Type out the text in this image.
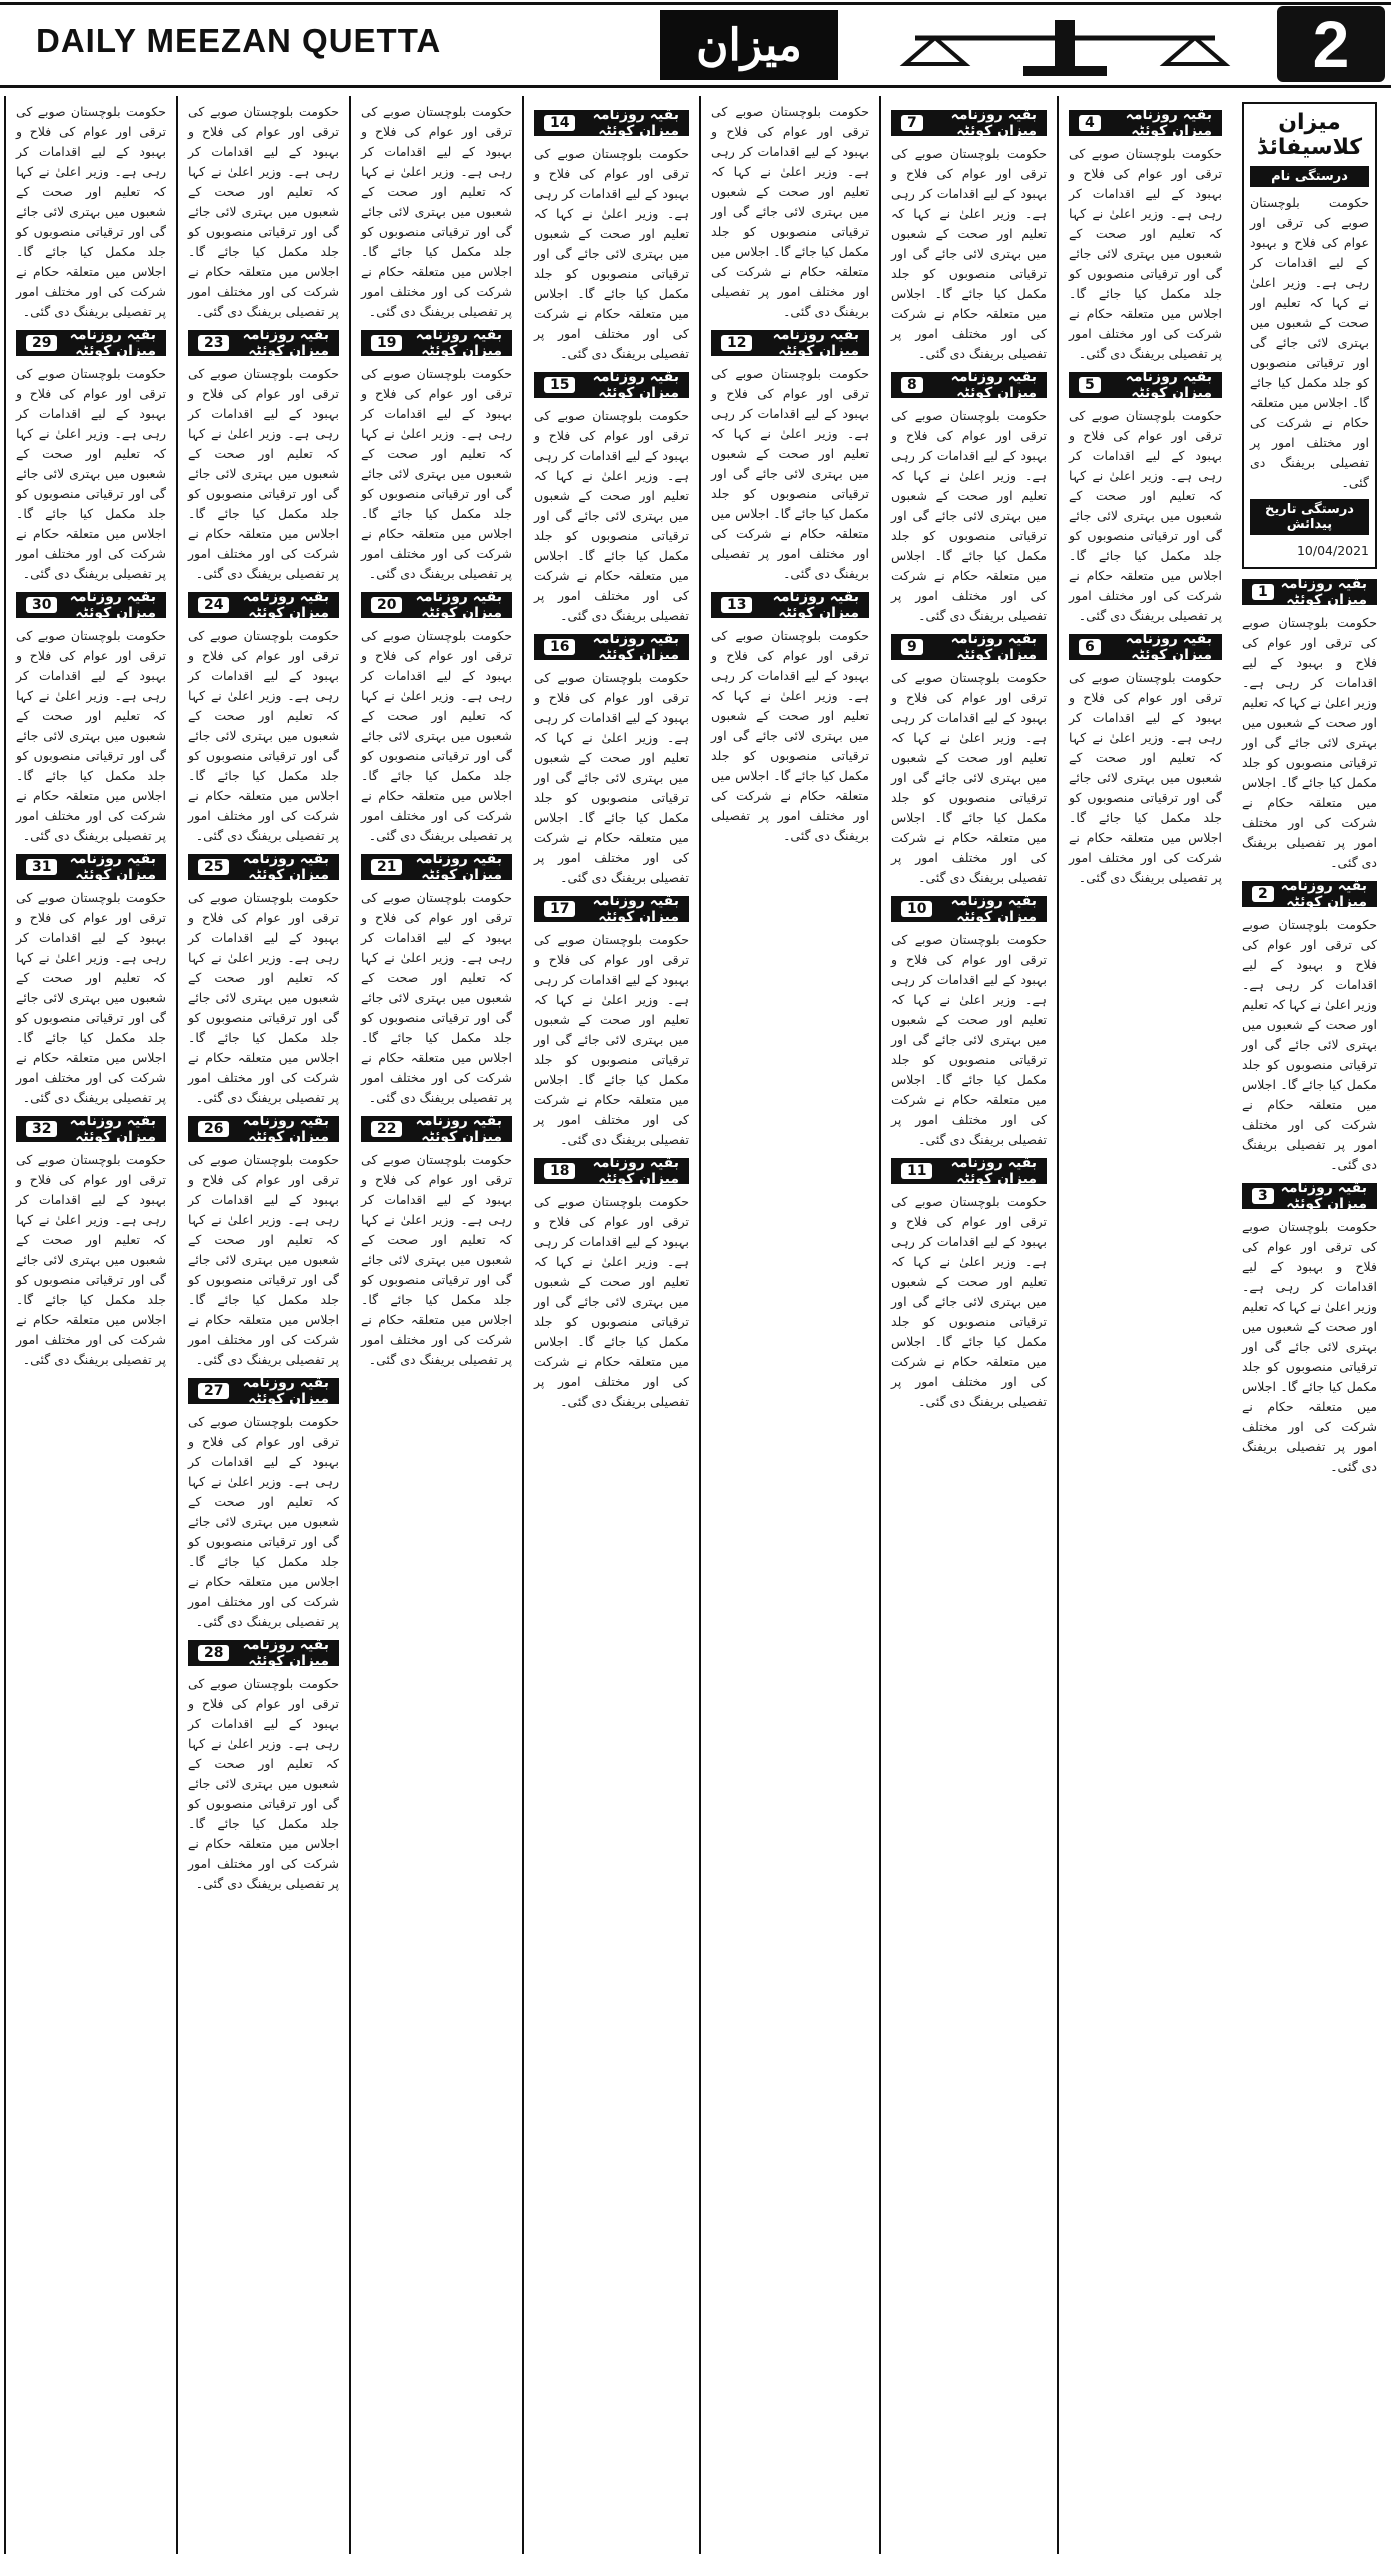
DAILY MEEZAN QUETTA	میزان	2
میزان کلاسیفائڈ
درستگی نام
حکومت بلوچستان صوبے کی ترقی اور عوام کی فلاح و بہبود کے لیے اقدامات کر رہی ہے۔ وزیر اعلیٰ نے کہا کہ تعلیم اور صحت کے شعبوں میں بہتری لائی جائے گی اور ترقیاتی منصوبوں کو جلد مکمل کیا جائے گا۔ اجلاس میں متعلقہ حکام نے شرکت کی اور مختلف امور پر تفصیلی بریفنگ دی گئی۔
درستگی تاریخ پیدائش
10/04/2021
بقیہ روزنامہ میزان کوئٹہ
1
حکومت بلوچستان صوبے کی ترقی اور عوام کی فلاح و بہبود کے لیے اقدامات کر رہی ہے۔ وزیر اعلیٰ نے کہا کہ تعلیم اور صحت کے شعبوں میں بہتری لائی جائے گی اور ترقیاتی منصوبوں کو جلد مکمل کیا جائے گا۔ اجلاس میں متعلقہ حکام نے شرکت کی اور مختلف امور پر تفصیلی بریفنگ دی گئی۔
بقیہ روزنامہ میزان کوئٹہ
2
حکومت بلوچستان صوبے کی ترقی اور عوام کی فلاح و بہبود کے لیے اقدامات کر رہی ہے۔ وزیر اعلیٰ نے کہا کہ تعلیم اور صحت کے شعبوں میں بہتری لائی جائے گی اور ترقیاتی منصوبوں کو جلد مکمل کیا جائے گا۔ اجلاس میں متعلقہ حکام نے شرکت کی اور مختلف امور پر تفصیلی بریفنگ دی گئی۔
بقیہ روزنامہ میزان کوئٹہ
3
حکومت بلوچستان صوبے کی ترقی اور عوام کی فلاح و بہبود کے لیے اقدامات کر رہی ہے۔ وزیر اعلیٰ نے کہا کہ تعلیم اور صحت کے شعبوں میں بہتری لائی جائے گی اور ترقیاتی منصوبوں کو جلد مکمل کیا جائے گا۔ اجلاس میں متعلقہ حکام نے شرکت کی اور مختلف امور پر تفصیلی بریفنگ دی گئی۔
بقیہ روزنامہ میزان کوئٹہ
4
حکومت بلوچستان صوبے کی ترقی اور عوام کی فلاح و بہبود کے لیے اقدامات کر رہی ہے۔ وزیر اعلیٰ نے کہا کہ تعلیم اور صحت کے شعبوں میں بہتری لائی جائے گی اور ترقیاتی منصوبوں کو جلد مکمل کیا جائے گا۔ اجلاس میں متعلقہ حکام نے شرکت کی اور مختلف امور پر تفصیلی بریفنگ دی گئی۔
بقیہ روزنامہ میزان کوئٹہ
5
حکومت بلوچستان صوبے کی ترقی اور عوام کی فلاح و بہبود کے لیے اقدامات کر رہی ہے۔ وزیر اعلیٰ نے کہا کہ تعلیم اور صحت کے شعبوں میں بہتری لائی جائے گی اور ترقیاتی منصوبوں کو جلد مکمل کیا جائے گا۔ اجلاس میں متعلقہ حکام نے شرکت کی اور مختلف امور پر تفصیلی بریفنگ دی گئی۔
بقیہ روزنامہ میزان کوئٹہ
6
حکومت بلوچستان صوبے کی ترقی اور عوام کی فلاح و بہبود کے لیے اقدامات کر رہی ہے۔ وزیر اعلیٰ نے کہا کہ تعلیم اور صحت کے شعبوں میں بہتری لائی جائے گی اور ترقیاتی منصوبوں کو جلد مکمل کیا جائے گا۔ اجلاس میں متعلقہ حکام نے شرکت کی اور مختلف امور پر تفصیلی بریفنگ دی گئی۔
بقیہ روزنامہ میزان کوئٹہ
7
حکومت بلوچستان صوبے کی ترقی اور عوام کی فلاح و بہبود کے لیے اقدامات کر رہی ہے۔ وزیر اعلیٰ نے کہا کہ تعلیم اور صحت کے شعبوں میں بہتری لائی جائے گی اور ترقیاتی منصوبوں کو جلد مکمل کیا جائے گا۔ اجلاس میں متعلقہ حکام نے شرکت کی اور مختلف امور پر تفصیلی بریفنگ دی گئی۔
بقیہ روزنامہ میزان کوئٹہ
8
حکومت بلوچستان صوبے کی ترقی اور عوام کی فلاح و بہبود کے لیے اقدامات کر رہی ہے۔ وزیر اعلیٰ نے کہا کہ تعلیم اور صحت کے شعبوں میں بہتری لائی جائے گی اور ترقیاتی منصوبوں کو جلد مکمل کیا جائے گا۔ اجلاس میں متعلقہ حکام نے شرکت کی اور مختلف امور پر تفصیلی بریفنگ دی گئی۔
بقیہ روزنامہ میزان کوئٹہ
9
حکومت بلوچستان صوبے کی ترقی اور عوام کی فلاح و بہبود کے لیے اقدامات کر رہی ہے۔ وزیر اعلیٰ نے کہا کہ تعلیم اور صحت کے شعبوں میں بہتری لائی جائے گی اور ترقیاتی منصوبوں کو جلد مکمل کیا جائے گا۔ اجلاس میں متعلقہ حکام نے شرکت کی اور مختلف امور پر تفصیلی بریفنگ دی گئی۔
بقیہ روزنامہ میزان کوئٹہ
10
حکومت بلوچستان صوبے کی ترقی اور عوام کی فلاح و بہبود کے لیے اقدامات کر رہی ہے۔ وزیر اعلیٰ نے کہا کہ تعلیم اور صحت کے شعبوں میں بہتری لائی جائے گی اور ترقیاتی منصوبوں کو جلد مکمل کیا جائے گا۔ اجلاس میں متعلقہ حکام نے شرکت کی اور مختلف امور پر تفصیلی بریفنگ دی گئی۔
بقیہ روزنامہ میزان کوئٹہ
11
حکومت بلوچستان صوبے کی ترقی اور عوام کی فلاح و بہبود کے لیے اقدامات کر رہی ہے۔ وزیر اعلیٰ نے کہا کہ تعلیم اور صحت کے شعبوں میں بہتری لائی جائے گی اور ترقیاتی منصوبوں کو جلد مکمل کیا جائے گا۔ اجلاس میں متعلقہ حکام نے شرکت کی اور مختلف امور پر تفصیلی بریفنگ دی گئی۔
حکومت بلوچستان صوبے کی ترقی اور عوام کی فلاح و بہبود کے لیے اقدامات کر رہی ہے۔ وزیر اعلیٰ نے کہا کہ تعلیم اور صحت کے شعبوں میں بہتری لائی جائے گی اور ترقیاتی منصوبوں کو جلد مکمل کیا جائے گا۔ اجلاس میں متعلقہ حکام نے شرکت کی اور مختلف امور پر تفصیلی بریفنگ دی گئی۔
بقیہ روزنامہ میزان کوئٹہ
12
حکومت بلوچستان صوبے کی ترقی اور عوام کی فلاح و بہبود کے لیے اقدامات کر رہی ہے۔ وزیر اعلیٰ نے کہا کہ تعلیم اور صحت کے شعبوں میں بہتری لائی جائے گی اور ترقیاتی منصوبوں کو جلد مکمل کیا جائے گا۔ اجلاس میں متعلقہ حکام نے شرکت کی اور مختلف امور پر تفصیلی بریفنگ دی گئی۔
بقیہ روزنامہ میزان کوئٹہ
13
حکومت بلوچستان صوبے کی ترقی اور عوام کی فلاح و بہبود کے لیے اقدامات کر رہی ہے۔ وزیر اعلیٰ نے کہا کہ تعلیم اور صحت کے شعبوں میں بہتری لائی جائے گی اور ترقیاتی منصوبوں کو جلد مکمل کیا جائے گا۔ اجلاس میں متعلقہ حکام نے شرکت کی اور مختلف امور پر تفصیلی بریفنگ دی گئی۔
بقیہ روزنامہ میزان کوئٹہ
14
حکومت بلوچستان صوبے کی ترقی اور عوام کی فلاح و بہبود کے لیے اقدامات کر رہی ہے۔ وزیر اعلیٰ نے کہا کہ تعلیم اور صحت کے شعبوں میں بہتری لائی جائے گی اور ترقیاتی منصوبوں کو جلد مکمل کیا جائے گا۔ اجلاس میں متعلقہ حکام نے شرکت کی اور مختلف امور پر تفصیلی بریفنگ دی گئی۔
بقیہ روزنامہ میزان کوئٹہ
15
حکومت بلوچستان صوبے کی ترقی اور عوام کی فلاح و بہبود کے لیے اقدامات کر رہی ہے۔ وزیر اعلیٰ نے کہا کہ تعلیم اور صحت کے شعبوں میں بہتری لائی جائے گی اور ترقیاتی منصوبوں کو جلد مکمل کیا جائے گا۔ اجلاس میں متعلقہ حکام نے شرکت کی اور مختلف امور پر تفصیلی بریفنگ دی گئی۔
بقیہ روزنامہ میزان کوئٹہ
16
حکومت بلوچستان صوبے کی ترقی اور عوام کی فلاح و بہبود کے لیے اقدامات کر رہی ہے۔ وزیر اعلیٰ نے کہا کہ تعلیم اور صحت کے شعبوں میں بہتری لائی جائے گی اور ترقیاتی منصوبوں کو جلد مکمل کیا جائے گا۔ اجلاس میں متعلقہ حکام نے شرکت کی اور مختلف امور پر تفصیلی بریفنگ دی گئی۔
بقیہ روزنامہ میزان کوئٹہ
17
حکومت بلوچستان صوبے کی ترقی اور عوام کی فلاح و بہبود کے لیے اقدامات کر رہی ہے۔ وزیر اعلیٰ نے کہا کہ تعلیم اور صحت کے شعبوں میں بہتری لائی جائے گی اور ترقیاتی منصوبوں کو جلد مکمل کیا جائے گا۔ اجلاس میں متعلقہ حکام نے شرکت کی اور مختلف امور پر تفصیلی بریفنگ دی گئی۔
بقیہ روزنامہ میزان کوئٹہ
18
حکومت بلوچستان صوبے کی ترقی اور عوام کی فلاح و بہبود کے لیے اقدامات کر رہی ہے۔ وزیر اعلیٰ نے کہا کہ تعلیم اور صحت کے شعبوں میں بہتری لائی جائے گی اور ترقیاتی منصوبوں کو جلد مکمل کیا جائے گا۔ اجلاس میں متعلقہ حکام نے شرکت کی اور مختلف امور پر تفصیلی بریفنگ دی گئی۔
حکومت بلوچستان صوبے کی ترقی اور عوام کی فلاح و بہبود کے لیے اقدامات کر رہی ہے۔ وزیر اعلیٰ نے کہا کہ تعلیم اور صحت کے شعبوں میں بہتری لائی جائے گی اور ترقیاتی منصوبوں کو جلد مکمل کیا جائے گا۔ اجلاس میں متعلقہ حکام نے شرکت کی اور مختلف امور پر تفصیلی بریفنگ دی گئی۔
بقیہ روزنامہ میزان کوئٹہ
19
حکومت بلوچستان صوبے کی ترقی اور عوام کی فلاح و بہبود کے لیے اقدامات کر رہی ہے۔ وزیر اعلیٰ نے کہا کہ تعلیم اور صحت کے شعبوں میں بہتری لائی جائے گی اور ترقیاتی منصوبوں کو جلد مکمل کیا جائے گا۔ اجلاس میں متعلقہ حکام نے شرکت کی اور مختلف امور پر تفصیلی بریفنگ دی گئی۔
بقیہ روزنامہ میزان کوئٹہ
20
حکومت بلوچستان صوبے کی ترقی اور عوام کی فلاح و بہبود کے لیے اقدامات کر رہی ہے۔ وزیر اعلیٰ نے کہا کہ تعلیم اور صحت کے شعبوں میں بہتری لائی جائے گی اور ترقیاتی منصوبوں کو جلد مکمل کیا جائے گا۔ اجلاس میں متعلقہ حکام نے شرکت کی اور مختلف امور پر تفصیلی بریفنگ دی گئی۔
بقیہ روزنامہ میزان کوئٹہ
21
حکومت بلوچستان صوبے کی ترقی اور عوام کی فلاح و بہبود کے لیے اقدامات کر رہی ہے۔ وزیر اعلیٰ نے کہا کہ تعلیم اور صحت کے شعبوں میں بہتری لائی جائے گی اور ترقیاتی منصوبوں کو جلد مکمل کیا جائے گا۔ اجلاس میں متعلقہ حکام نے شرکت کی اور مختلف امور پر تفصیلی بریفنگ دی گئی۔
بقیہ روزنامہ میزان کوئٹہ
22
حکومت بلوچستان صوبے کی ترقی اور عوام کی فلاح و بہبود کے لیے اقدامات کر رہی ہے۔ وزیر اعلیٰ نے کہا کہ تعلیم اور صحت کے شعبوں میں بہتری لائی جائے گی اور ترقیاتی منصوبوں کو جلد مکمل کیا جائے گا۔ اجلاس میں متعلقہ حکام نے شرکت کی اور مختلف امور پر تفصیلی بریفنگ دی گئی۔
حکومت بلوچستان صوبے کی ترقی اور عوام کی فلاح و بہبود کے لیے اقدامات کر رہی ہے۔ وزیر اعلیٰ نے کہا کہ تعلیم اور صحت کے شعبوں میں بہتری لائی جائے گی اور ترقیاتی منصوبوں کو جلد مکمل کیا جائے گا۔ اجلاس میں متعلقہ حکام نے شرکت کی اور مختلف امور پر تفصیلی بریفنگ دی گئی۔
بقیہ روزنامہ میزان کوئٹہ
23
حکومت بلوچستان صوبے کی ترقی اور عوام کی فلاح و بہبود کے لیے اقدامات کر رہی ہے۔ وزیر اعلیٰ نے کہا کہ تعلیم اور صحت کے شعبوں میں بہتری لائی جائے گی اور ترقیاتی منصوبوں کو جلد مکمل کیا جائے گا۔ اجلاس میں متعلقہ حکام نے شرکت کی اور مختلف امور پر تفصیلی بریفنگ دی گئی۔
بقیہ روزنامہ میزان کوئٹہ
24
حکومت بلوچستان صوبے کی ترقی اور عوام کی فلاح و بہبود کے لیے اقدامات کر رہی ہے۔ وزیر اعلیٰ نے کہا کہ تعلیم اور صحت کے شعبوں میں بہتری لائی جائے گی اور ترقیاتی منصوبوں کو جلد مکمل کیا جائے گا۔ اجلاس میں متعلقہ حکام نے شرکت کی اور مختلف امور پر تفصیلی بریفنگ دی گئی۔
بقیہ روزنامہ میزان کوئٹہ
25
حکومت بلوچستان صوبے کی ترقی اور عوام کی فلاح و بہبود کے لیے اقدامات کر رہی ہے۔ وزیر اعلیٰ نے کہا کہ تعلیم اور صحت کے شعبوں میں بہتری لائی جائے گی اور ترقیاتی منصوبوں کو جلد مکمل کیا جائے گا۔ اجلاس میں متعلقہ حکام نے شرکت کی اور مختلف امور پر تفصیلی بریفنگ دی گئی۔
بقیہ روزنامہ میزان کوئٹہ
26
حکومت بلوچستان صوبے کی ترقی اور عوام کی فلاح و بہبود کے لیے اقدامات کر رہی ہے۔ وزیر اعلیٰ نے کہا کہ تعلیم اور صحت کے شعبوں میں بہتری لائی جائے گی اور ترقیاتی منصوبوں کو جلد مکمل کیا جائے گا۔ اجلاس میں متعلقہ حکام نے شرکت کی اور مختلف امور پر تفصیلی بریفنگ دی گئی۔
بقیہ روزنامہ میزان کوئٹہ
27
حکومت بلوچستان صوبے کی ترقی اور عوام کی فلاح و بہبود کے لیے اقدامات کر رہی ہے۔ وزیر اعلیٰ نے کہا کہ تعلیم اور صحت کے شعبوں میں بہتری لائی جائے گی اور ترقیاتی منصوبوں کو جلد مکمل کیا جائے گا۔ اجلاس میں متعلقہ حکام نے شرکت کی اور مختلف امور پر تفصیلی بریفنگ دی گئی۔
بقیہ روزنامہ میزان کوئٹہ
28
حکومت بلوچستان صوبے کی ترقی اور عوام کی فلاح و بہبود کے لیے اقدامات کر رہی ہے۔ وزیر اعلیٰ نے کہا کہ تعلیم اور صحت کے شعبوں میں بہتری لائی جائے گی اور ترقیاتی منصوبوں کو جلد مکمل کیا جائے گا۔ اجلاس میں متعلقہ حکام نے شرکت کی اور مختلف امور پر تفصیلی بریفنگ دی گئی۔
حکومت بلوچستان صوبے کی ترقی اور عوام کی فلاح و بہبود کے لیے اقدامات کر رہی ہے۔ وزیر اعلیٰ نے کہا کہ تعلیم اور صحت کے شعبوں میں بہتری لائی جائے گی اور ترقیاتی منصوبوں کو جلد مکمل کیا جائے گا۔ اجلاس میں متعلقہ حکام نے شرکت کی اور مختلف امور پر تفصیلی بریفنگ دی گئی۔
بقیہ روزنامہ میزان کوئٹہ
29
حکومت بلوچستان صوبے کی ترقی اور عوام کی فلاح و بہبود کے لیے اقدامات کر رہی ہے۔ وزیر اعلیٰ نے کہا کہ تعلیم اور صحت کے شعبوں میں بہتری لائی جائے گی اور ترقیاتی منصوبوں کو جلد مکمل کیا جائے گا۔ اجلاس میں متعلقہ حکام نے شرکت کی اور مختلف امور پر تفصیلی بریفنگ دی گئی۔
بقیہ روزنامہ میزان کوئٹہ
30
حکومت بلوچستان صوبے کی ترقی اور عوام کی فلاح و بہبود کے لیے اقدامات کر رہی ہے۔ وزیر اعلیٰ نے کہا کہ تعلیم اور صحت کے شعبوں میں بہتری لائی جائے گی اور ترقیاتی منصوبوں کو جلد مکمل کیا جائے گا۔ اجلاس میں متعلقہ حکام نے شرکت کی اور مختلف امور پر تفصیلی بریفنگ دی گئی۔
بقیہ روزنامہ میزان کوئٹہ
31
حکومت بلوچستان صوبے کی ترقی اور عوام کی فلاح و بہبود کے لیے اقدامات کر رہی ہے۔ وزیر اعلیٰ نے کہا کہ تعلیم اور صحت کے شعبوں میں بہتری لائی جائے گی اور ترقیاتی منصوبوں کو جلد مکمل کیا جائے گا۔ اجلاس میں متعلقہ حکام نے شرکت کی اور مختلف امور پر تفصیلی بریفنگ دی گئی۔
بقیہ روزنامہ میزان کوئٹہ
32
حکومت بلوچستان صوبے کی ترقی اور عوام کی فلاح و بہبود کے لیے اقدامات کر رہی ہے۔ وزیر اعلیٰ نے کہا کہ تعلیم اور صحت کے شعبوں میں بہتری لائی جائے گی اور ترقیاتی منصوبوں کو جلد مکمل کیا جائے گا۔ اجلاس میں متعلقہ حکام نے شرکت کی اور مختلف امور پر تفصیلی بریفنگ دی گئی۔
